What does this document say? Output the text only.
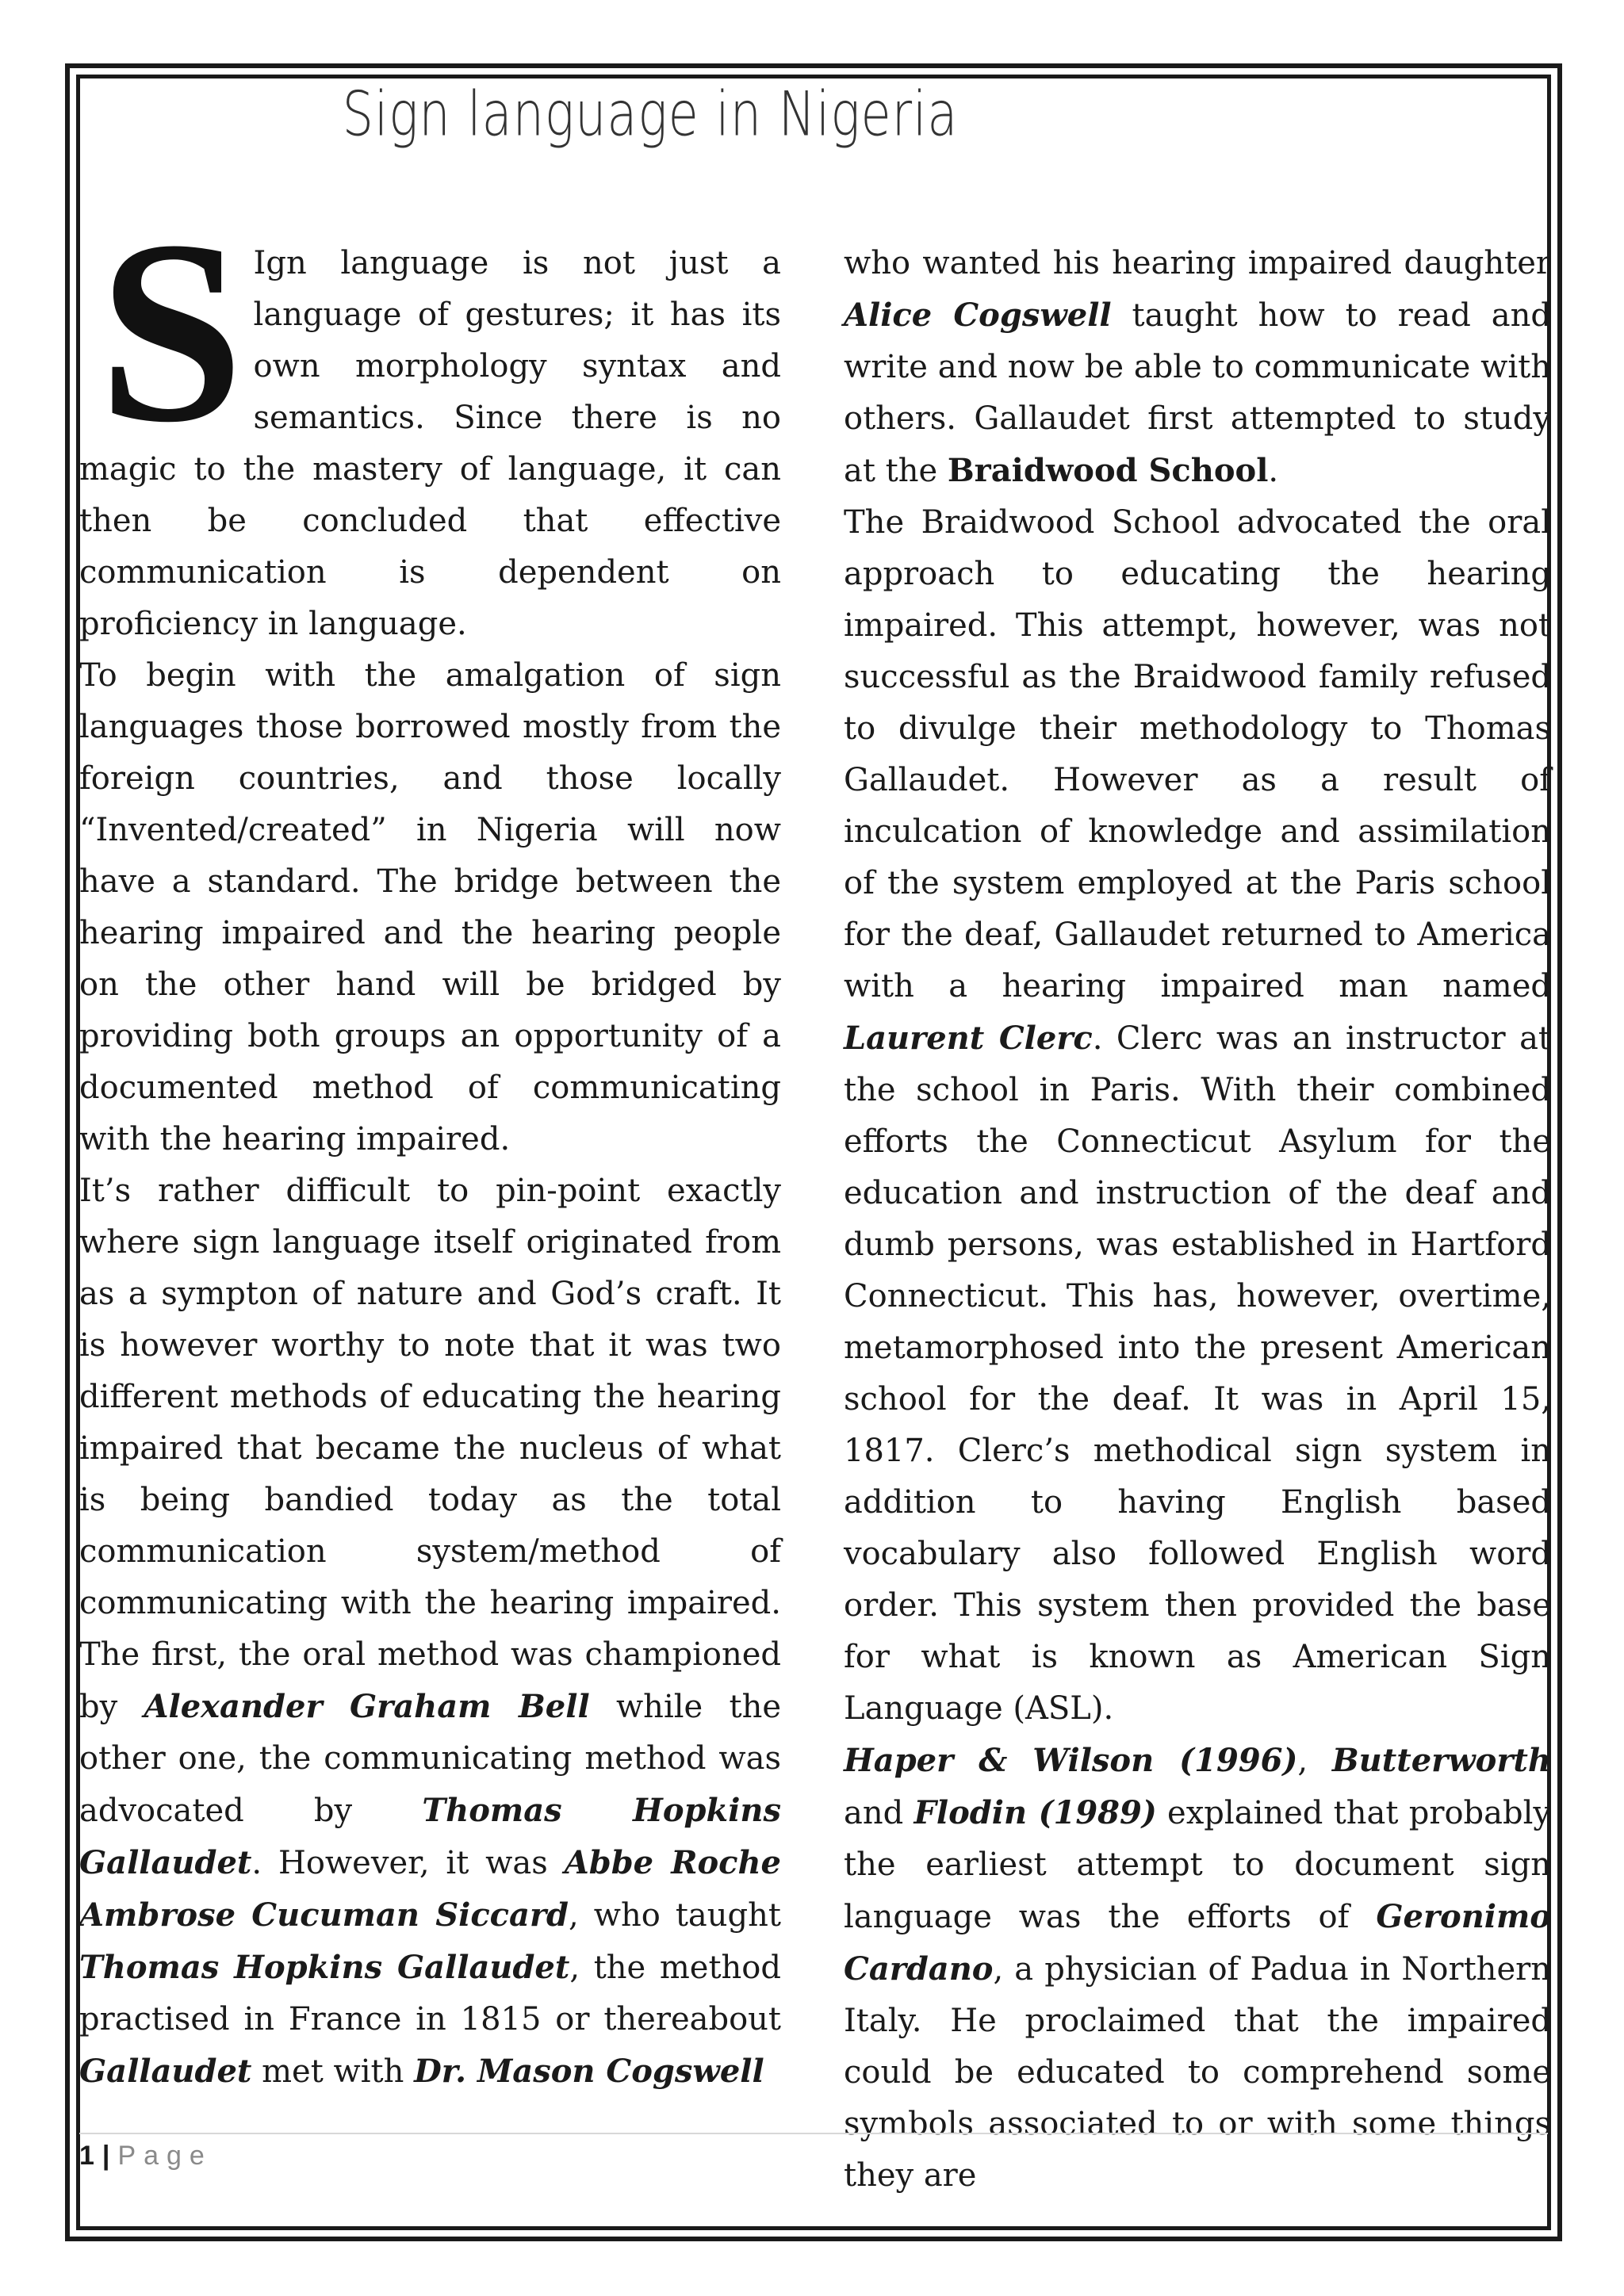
Sign language in Nigeria
S Ign language is not just a language of gestures; it has its own morphology syntax and semantics. Since there is no magic to the mastery of language, it can then be concluded that effective communication is dependent on proficiency in language.

To begin with the amalgation of sign languages those borrowed mostly from the foreign countries, and those locally “Invented/created” in Nigeria will now have a standard. The bridge between the hearing impaired and the hearing people on the other hand will be bridged by providing both groups an opportunity of a documented method of communicating with the hearing impaired.

It’s rather difficult to pin-point exactly where sign language itself originated from as a sympton of nature and God’s craft. It is however worthy to note that it was two different methods of educating the hearing impaired that became the nucleus of what is being bandied today as the total communication system/method of communicating with the hearing impaired. The first, the oral method was championed by Alexander Graham Bell while the other one, the communicating method was advocated by Thomas Hopkins Gallaudet. However, it was Abbe Roche Ambrose Cucuman Siccard, who taught Thomas Hopkins Gallaudet, the method practised in France in 1815 or thereabout Gallaudet met with Dr. Mason Cogswell

who wanted his hearing impaired daughter Alice Cogswell taught how to read and write and now be able to communicate with others. Gallaudet first attempted to study at the Braidwood School.

The Braidwood School advocated the oral approach to educating the hearing impaired. This attempt, however, was not successful as the Braidwood family refused to divulge their methodology to Thomas Gallaudet. However as a result of inculcation of knowledge and assimilation of the system employed at the Paris school for the deaf, Gallaudet returned to America with a hearing impaired man named Laurent Clerc. Clerc was an instructor at the school in Paris. With their combined efforts the Connecticut Asylum for the education and instruction of the deaf and dumb persons, was established in Hartford Connecticut. This has, however, overtime, metamorphosed into the present American school for the deaf. It was in April 15, 1817. Clerc’s methodical sign system in addition to having English based vocabulary also followed English word order. This system then provided the base for what is known as American Sign Language (ASL).

Haper & Wilson (1996), Butterworth and Flodin (1989) explained that probably the earliest attempt to document sign language was the efforts of Geronimo Cardano, a physician of Padua in Northern Italy. He proclaimed that the impaired could be educated to comprehend some symbols associated to or with some things they are

1 | Page
